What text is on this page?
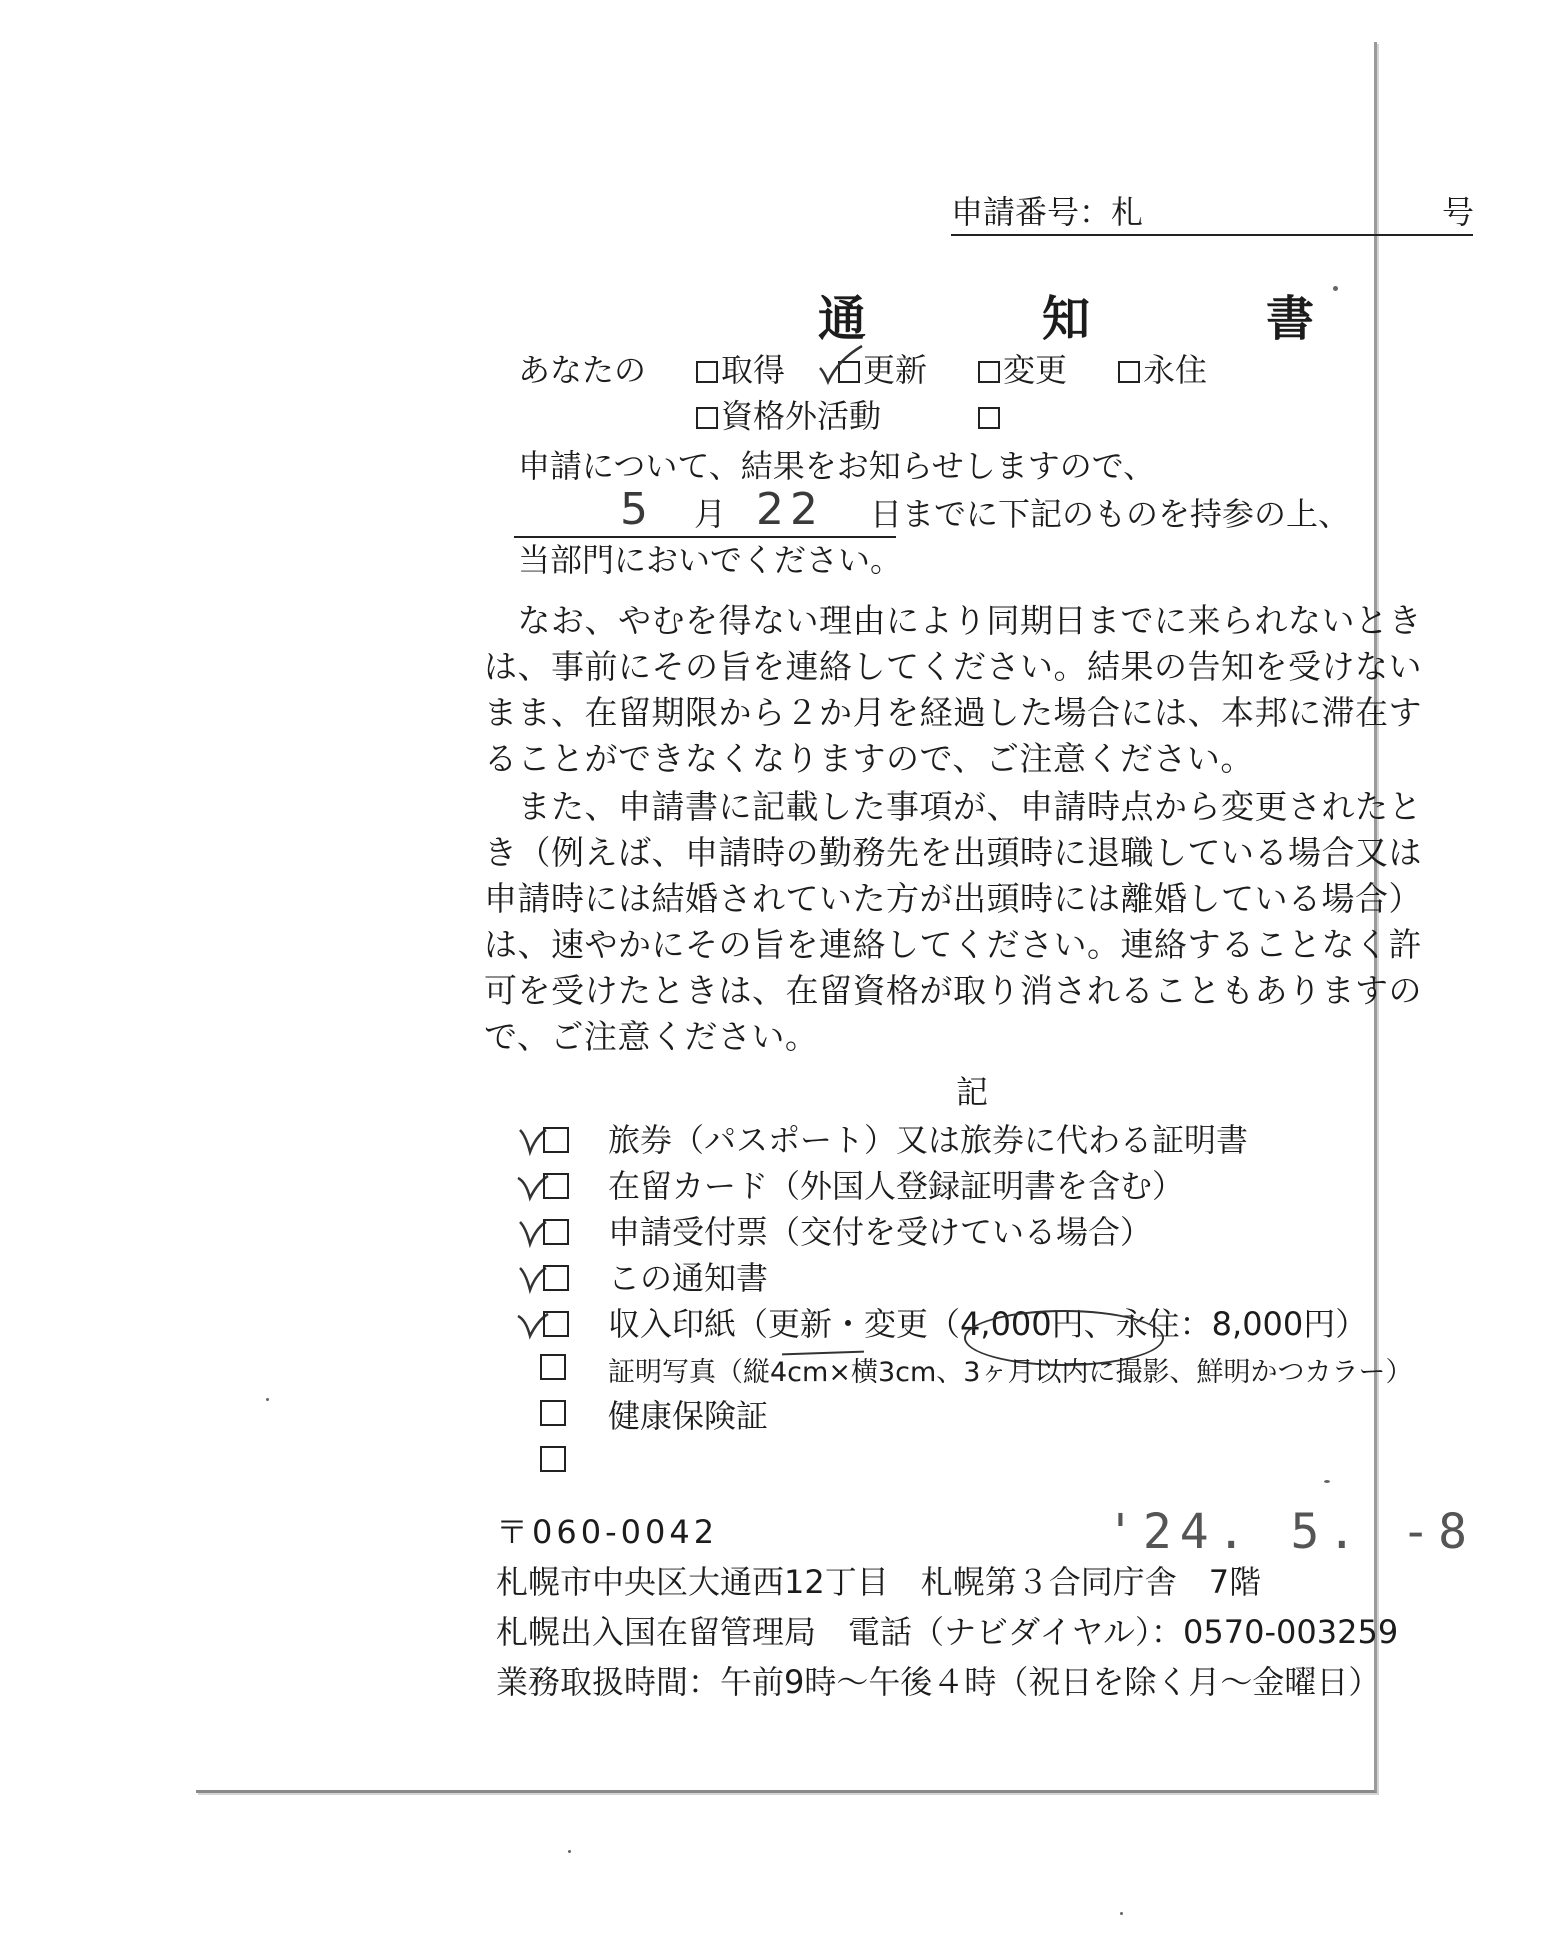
申請番号：札	号
通　知　書
あなたの	取得	更新	変更	永住
資格外活動
申請について、結果をお知らせしますので、
5 月 22 日までに下記のものを持参の上、
当部門においでください。
　なお、やむを得ない理由により同期日までに来られないとき
は、事前にその旨を連絡してください。結果の告知を受けない
まま、在留期限から２か月を経過した場合には、本邦に滞在す
ることができなくなりますので、ご注意ください。
　また、申請書に記載した事項が、申請時点から変更されたと
き（例えば、申請時の勤務先を出頭時に退職している場合又は
申請時には結婚されていた方が出頭時には離婚している場合）
は、速やかにその旨を連絡してください。連絡することなく許
可を受けたときは、在留資格が取り消されることもありますの
で、ご注意ください。
記
旅券（パスポート）又は旅券に代わる証明書
在留カード（外国人登録証明書を含む）
申請受付票（交付を受けている場合）
この通知書
収入印紙（更新・変更（4,000円、永住：8,000円）
証明写真（縦4cm×横3cm、3ヶ月以内に撮影、鮮明かつカラー）
健康保険証
'24. 5. -8
〒060-0042
札幌市中央区大通西12丁目　札幌第３合同庁舎　7階
札幌出入国在留管理局　電話（ナビダイヤル）：0570-003259
業務取扱時間：午前9時〜午後４時（祝日を除く月〜金曜日）
